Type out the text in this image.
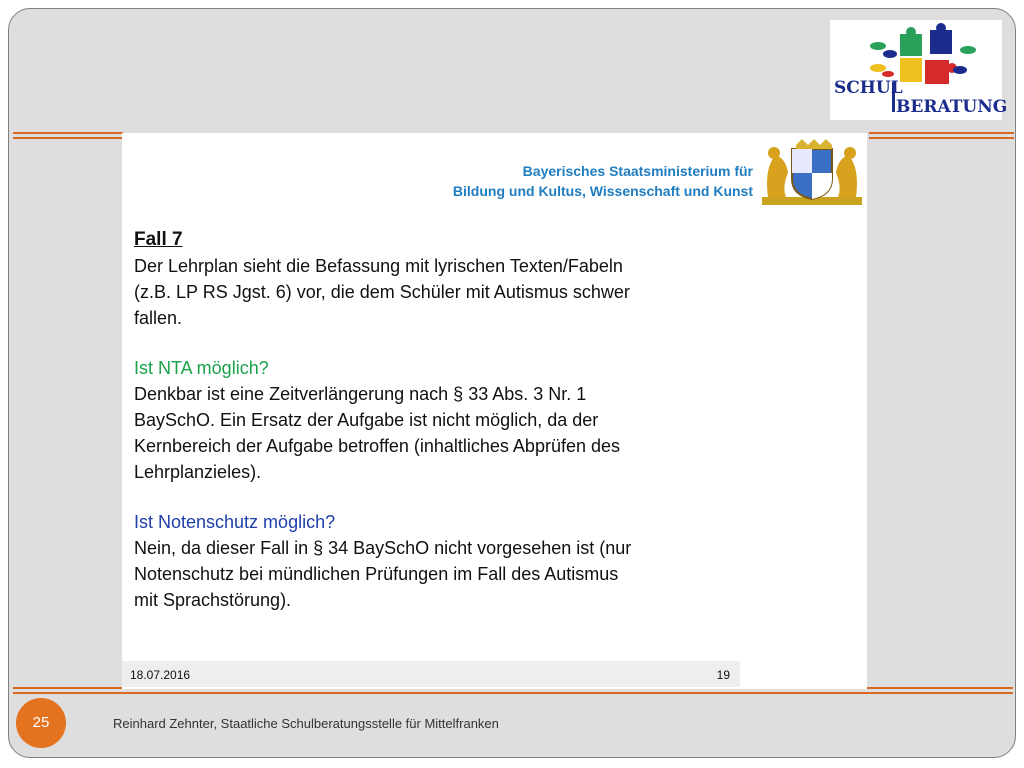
SCHUL
BERATUNG
Bayerisches Staatsministerium für
Bildung und Kultus, Wissenschaft und Kunst

Fall 7

Der Lehrplan sieht die Befassung mit lyrischen Texten/Fabeln

(z.B. LP RS Jgst. 6) vor, die dem Schüler mit Autismus schwer

fallen.

Ist NTA möglich?

Denkbar ist eine Zeitverlängerung nach § 33 Abs. 3 Nr. 1

BaySchO. Ein Ersatz der Aufgabe ist nicht möglich, da der

Kernbereich der Aufgabe betroffen (inhaltliches Abprüfen des

Lehrplanzieles).

Ist Notenschutz möglich?

Nein, da dieser Fall in § 34 BaySchO nicht vorgesehen ist (nur

Notenschutz bei mündlichen Prüfungen im Fall des Autismus

mit Sprachstörung).

18.07.2016	19
25	Reinhard Zehnter, Staatliche Schulberatungsstelle für Mittelfranken
